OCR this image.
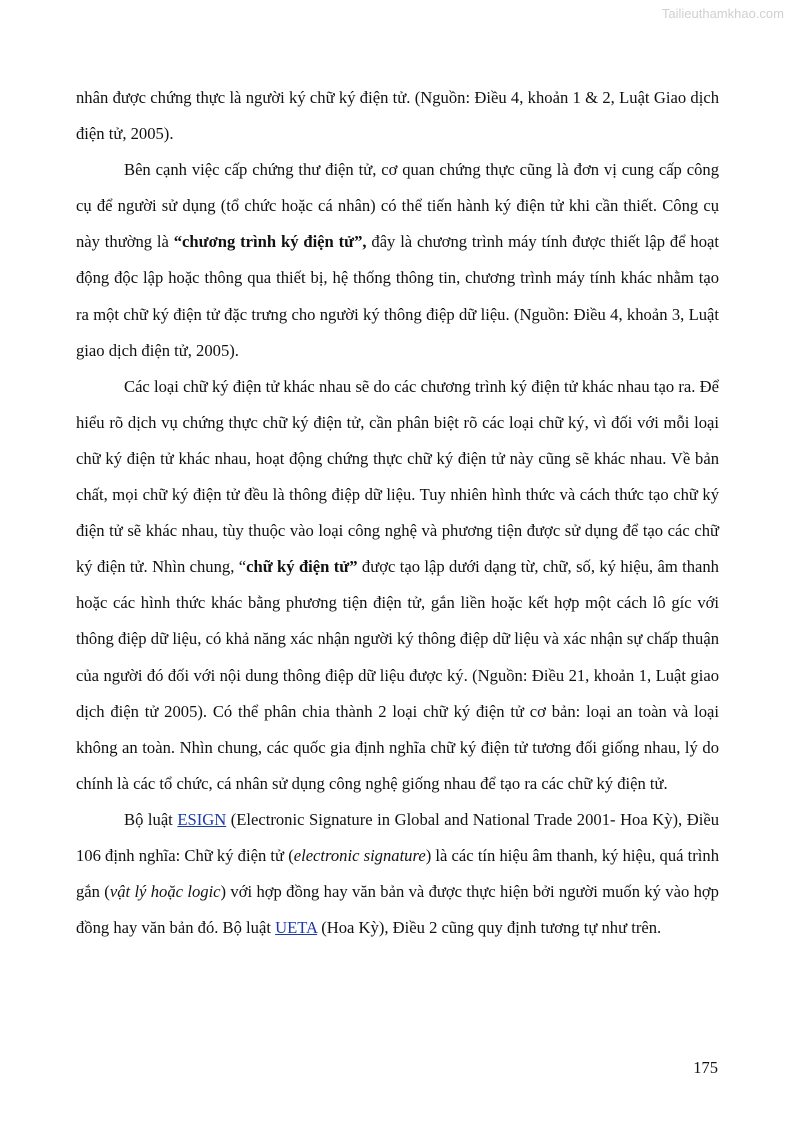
Tailieuthamkhao.com

nhân được chứng thực là người ký chữ ký điện tử. (Nguồn: Điều 4, khoản 1 & 2, Luật Giao dịch điện tử, 2005).

Bên cạnh việc cấp chứng thư điện tử, cơ quan chứng thực cũng là đơn vị cung cấp công cụ để người sử dụng (tổ chức hoặc cá nhân) có thể tiến hành ký điện tử khi cần thiết. Công cụ này thường là “chương trình ký điện tử”, đây là chương trình máy tính được thiết lập để hoạt động độc lập hoặc thông qua thiết bị, hệ thống thông tin, chương trình máy tính khác nhằm tạo ra một chữ ký điện tử đặc trưng cho người ký thông điệp dữ liệu. (Nguồn: Điều 4, khoản 3, Luật giao dịch điện tử, 2005).

Các loại chữ ký điện tử khác nhau sẽ do các chương trình ký điện tử khác nhau tạo ra. Để hiểu rõ dịch vụ chứng thực chữ ký điện tử, cần phân biệt rõ các loại chữ ký, vì đối với mỗi loại chữ ký điện tử khác nhau, hoạt động chứng thực chữ ký điện tử này cũng sẽ khác nhau. Về bản chất, mọi chữ ký điện tử đều là thông điệp dữ liệu. Tuy nhiên hình thức và cách thức tạo chữ ký điện tử sẽ khác nhau, tùy thuộc vào loại công nghệ và phương tiện được sử dụng để tạo các chữ ký điện tử. Nhìn chung, “chữ ký điện tử” được tạo lập dưới dạng từ, chữ, số, ký hiệu, âm thanh hoặc các hình thức khác bằng phương tiện điện tử, gắn liền hoặc kết hợp một cách lô gíc với thông điệp dữ liệu, có khả năng xác nhận người ký thông điệp dữ liệu và xác nhận sự chấp thuận của người đó đối với nội dung thông điệp dữ liệu được ký. (Nguồn: Điều 21, khoản 1, Luật giao dịch điện tử 2005). Có thể phân chia thành 2 loại chữ ký điện tử cơ bản: loại an toàn và loại không an toàn. Nhìn chung, các quốc gia định nghĩa chữ ký điện tử tương đối giống nhau, lý do chính là các tổ chức, cá nhân sử dụng công nghệ giống nhau để tạo ra các chữ ký điện tử.

Bộ luật ESIGN (Electronic Signature in Global and National Trade 2001- Hoa Kỳ), Điều 106 định nghĩa: Chữ ký điện tử (electronic signature) là các tín hiệu âm thanh, ký hiệu, quá trình gắn (vật lý hoặc logic) với hợp đồng hay văn bản và được thực hiện bởi người muốn ký vào hợp đồng hay văn bản đó. Bộ luật UETA (Hoa Kỳ), Điều 2 cũng quy định tương tự như trên.

175
